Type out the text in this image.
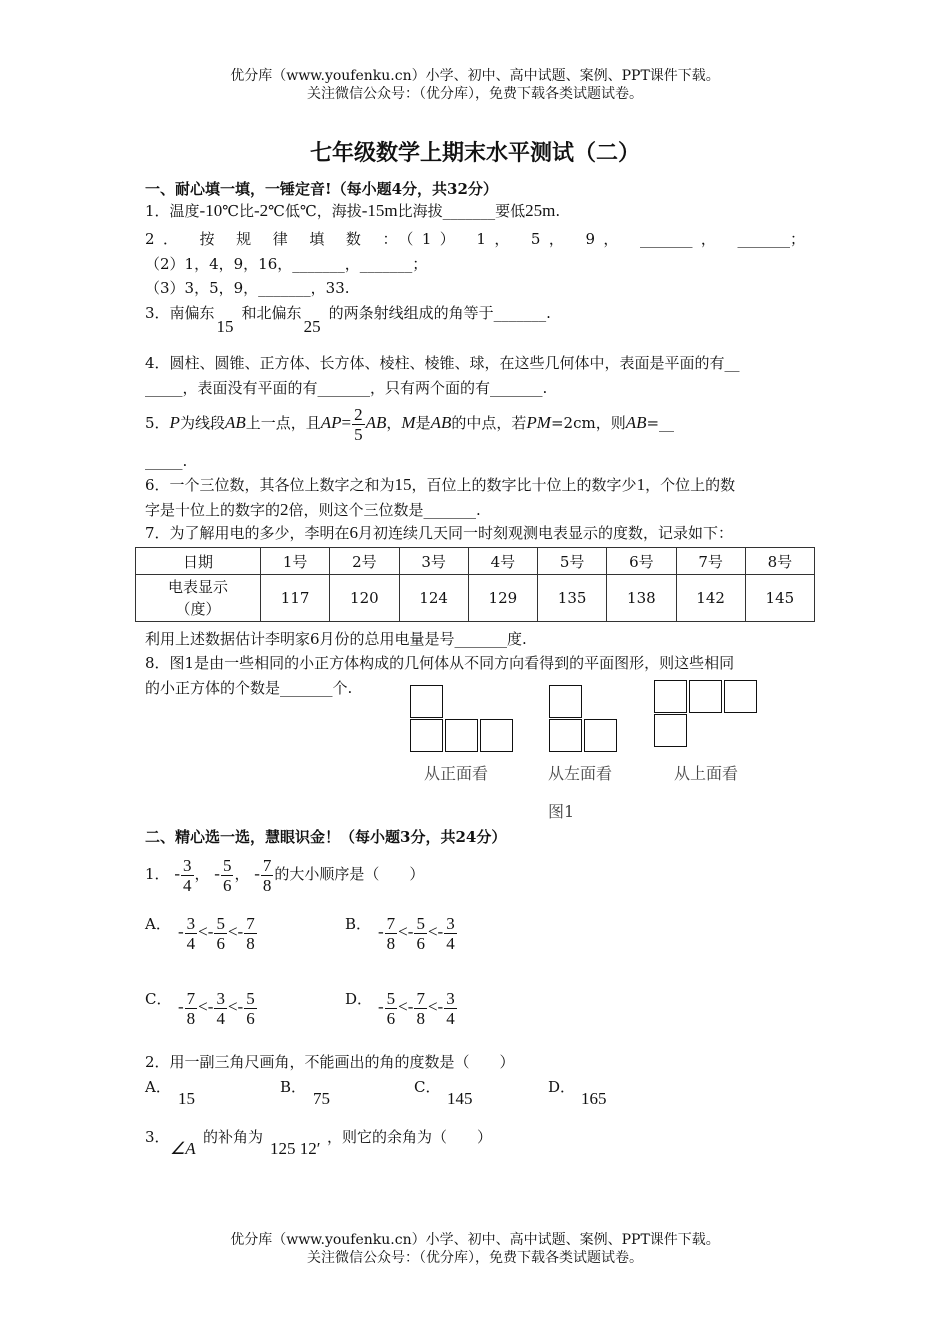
优分库（www.youfenku.cn）小学、初中、高中试题、案例、PPT课件下载。
关注微信公众号：（优分库），免费下载各类试题试卷。
七年级数学上期末水平测试（二）
一、耐心填一填，一锤定音!（每小题4分，共32分）
1．温度-10℃比-2℃低℃，海拔-15m比海拔_______要低25m.
2． 按 规 律 填 数 ：（1） 1， 5， 9， _______， _______；
（2）1，4，9，16，_______，_______；
（3）3，5，9，_______，33.
3．南偏东15和北偏东25的两条射线组成的角等于_______.
4．圆柱、圆锥、正方体、长方体、棱柱、棱锥、球，在这些几何体中，表面是平面的有__
_____，表面没有平面的有_______，只有两个面的有_______.
5．P为线段AB上一点，且$AP= \frac{2}{5}$ AB，M是AB的中点，若PM=2cm，则AB=__
_____.
6．一个三位数，其各位上数字之和为15，百位上的数字比十位上的数字少1，个位上的数
字是十位上的数字的2倍，则这个三位数是_______.
7．为了解用电的多少，李明在6月初连续几天同一时刻观测电表显示的度数，记录如下：
日期	1号	2号	3号	4号	5号	6号	7号	8号

电表显示
（度）	117	120	124	129	135	138	142	145
利用上述数据估计李明家6月份的总用电量是号_______度.
8．图1是由一些相同的小正方体构成的几何体从不同方向看得到的平面图形，则这些相同
的小正方体的个数是_______个.
从正面看	从左面看	从上面看
图1
二、精心选一选，慧眼识金！（每小题3分，共24分）
1． - $\frac{3}{4}$ ， - $\frac{5}{6}$ ， - $\frac{7}{8}$ 的大小顺序是（　　）
A． - $\frac{3}{4} <- \frac{5}{6} <- \frac{7}{8}$	B． - $\frac{7}{8} <- \frac{5}{6} <- \frac{3}{4}$
C． - $\frac{7}{8} <- \frac{3}{4} <- \frac{5}{6}$	D． - $\frac{5}{6} <- \frac{7}{8} <- \frac{3}{4}$
2．用一副三角尺画角，不能画出的角的度数是（　　）
A．
15
B．
75
C．
145
D．
165
3．
∠A
的补角为
125 12′
，则它的余角为（　　）
优分库（www.youfenku.cn）小学、初中、高中试题、案例、PPT课件下载。
关注微信公众号：（优分库），免费下载各类试题试卷。
